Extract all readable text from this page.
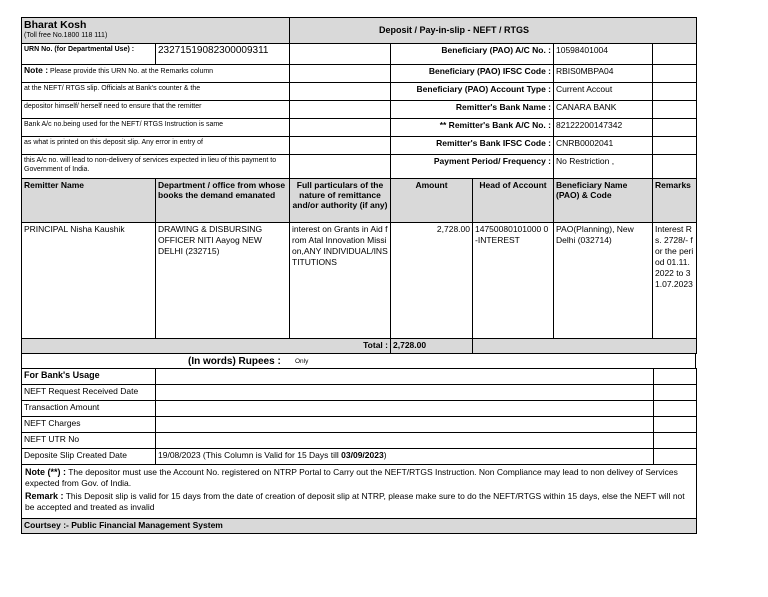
Bharat Kosh
(Toll free No.1800 118 111)		Deposit / Pay-in-slip - NEFT / RTGS			
URN No. (for Departmental Use) :	23271519082300009311		Beneficiary (PAO) A/C No. :	10598401004	
Note : Please provide this URN No. at the Remarks column			Beneficiary (PAO) IFSC Code :	RBIS0MBPA04	
at the NEFT/ RTGS slip. Officials at Bank's counter & the			Beneficiary (PAO) Account Type :	Current Accout	
depositor himself/ herself need to ensure that the remitter			Remitter's Bank Name :	CANARA BANK	
Bank A/c no.being used for the NEFT/ RTGS Instruction is same			** Remitter's Bank A/C No. :	82122200147342	
as what is printed on this deposit slip. Any error in entry of			Remitter's Bank IFSC Code :	CNRB0002041	
this A/c no. will lead to non-delivery of services expected in lieu of this payment to Government of India.			Payment Period/ Frequency :	No Restriction ,	
Remitter Name	Department / office from whose books the demand emanated	Full particulars of the nature of remittance and/or authority (if any)	Amount	Head of Account	Beneficiary Name (PAO) & Code	Remarks
PRINCIPAL Nisha Kaushik	DRAWING & DISBURSING OFFICER NITI Aayog NEW DELHI (232715)	interest on Grants in Aid from Atal Innovation Mission,ANY INDIVIDUAL/INSTITUTIONS	2,728.00	14750080101000 0-INTEREST	PAO(Planning), New Delhi (032714)	Interest Rs. 2728/- for the period 01.11.2022 to 31.07.2023
Total :			2,728.00			
(In words) Rupees : Only
For Bank's Usage		
NEFT Request Received Date		
Transaction Amount		
NEFT Charges		
NEFT UTR No		
Deposite Slip Created Date	19/08/2023 (This Column is Valid for 15 Days till 03/09/2023)	

Note (**) : The depositor must use the Account No. registered on NTRP Portal to Carry out the NEFT/RTGS Instruction. Non Compliance may lead to non delivey of Services expected from Gov. of India.
Remark : This Deposit slip is valid for 15 days from the date of creation of deposit slip at NTRP, please make sure to do the NEFT/RTGS within 15 days, else the NEFT will not be accepted and treated as invalid		

Courtsey :- Public Financial Management System		
